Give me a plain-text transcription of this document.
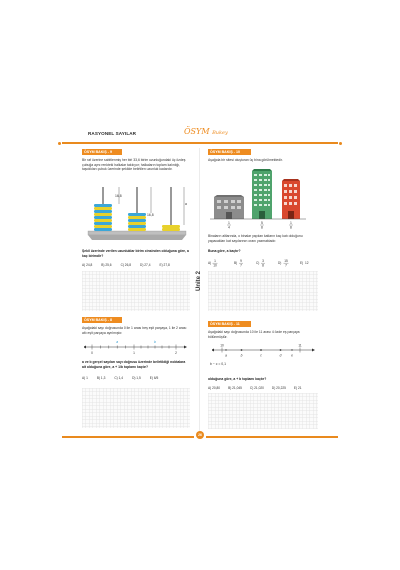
RASYONEL SAYILAR	ÖSYM Bukey
Ünite 2
ÖSYM BAKIŞ - 9
Bir raf üzerine sabitlenmiş her biri 33,6 birim uzunluğundaki üç özdeş çubuğa aynı renkteki halkalar takılıyor; halkaların toplam kalınlığı, taşıdıkları çubuk üzerinde şekilde belirtilen uzunluk kadardır.
16,8
16,8
a
Şekil üzerinde verilen uzunluklar birim cinsinden olduğuna göre, a kaç birimdir?
A) 24,8	B) 25,6	C) 26,8	D) 27,4	E) 27,8
ÖSYM BAKIŞ - 10
Aşağıda bir sitesi oluşturan üç bina görülmektedir.
1
4
5
8
1
8
Binaların altlarında, o binalar yapılan katların kaç katı olduğunu yapacakları kat sayılarının oranı yazmaktadır.
Buna göre, a kaçtır?
A) 1
10
B) 9
7
C) 3
8
D) 15
7
E) 12
ÖSYM BAKIŞ - 8
Aşağıdaki sayı doğrusunda 0 ile 1 arası beş eşit parçaya, 1 ile 2 arası altı eşit parçaya ayrılmıştır.
0	1	2
a	b
a ve b gerçel sayıları sayı doğrusu üzerinde belirtildiği noktalara ait olduğuna göre, a + 1/b toplamı kaçtır?
A) 1	B) 1,3	C) 1,4	D) 1,5	E) 6/5
ÖSYM BAKIŞ - 11
Aşağıdaki sayı doğrusunda 10 ile 11 arası 4 özde eş parçaya bölünmüştür.
10	11
a	b	c	d	e
b − c = 0,1
olduğuna göre, a + b toplamı kaçtır?
A) 20,80	B) 21,045	C) 21,020	D) 20,225	E) 21
26
